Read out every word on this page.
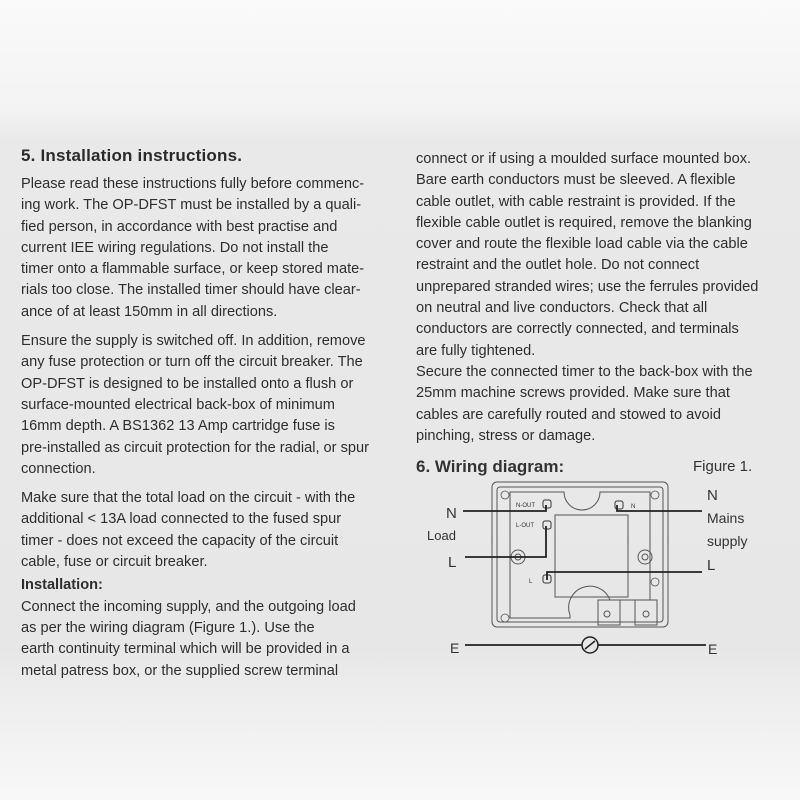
5. Installation instructions.
Please read these instructions fully before commenc-
ing work. The OP-DFST must be installed by a quali-
fied person, in accordance with best practise and
current IEE wiring regulations. Do not install the
timer onto a flammable surface, or keep stored mate-
rials too close. The installed timer should have clear-
ance of at least 150mm in all directions.
Ensure the supply is switched off. In addition, remove
any fuse protection or turn off the circuit breaker. The
OP-DFST is designed to be installed onto a flush or
surface-mounted electrical back-box of minimum
16mm depth. A BS1362 13 Amp cartridge fuse is
pre-installed as circuit protection for the radial, or spur
connection.
Make sure that the total load on the circuit - with the
additional < 13A load connected to the fused spur
timer - does not exceed the capacity of the circuit
cable, fuse or circuit breaker.
Installation:
Connect the incoming supply, and the outgoing load
as per the wiring diagram (Figure 1.). Use the
earth continuity terminal which will be provided in a
metal patress box, or the supplied screw terminal
connect or if using a moulded surface mounted box.
Bare earth conductors must be sleeved. A flexible
cable outlet, with cable restraint is provided. If the
flexible cable outlet is required, remove the blanking
cover and route the flexible load cable via the cable
restraint and the outlet hole. Do not connect
unprepared stranded wires; use the ferrules provided
on neutral and live conductors. Check that all
conductors are correctly connected, and terminals
are fully tightened.
Secure the connected timer to the back-box with the
25mm machine screws provided. Make sure that
cables are carefully routed and stowed to avoid
pinching, stress or damage.
6. Wiring diagram:	Figure 1.
N-OUT
L-OUT
N
L
N
Load
L
N
Mains
supply
L
E	E
